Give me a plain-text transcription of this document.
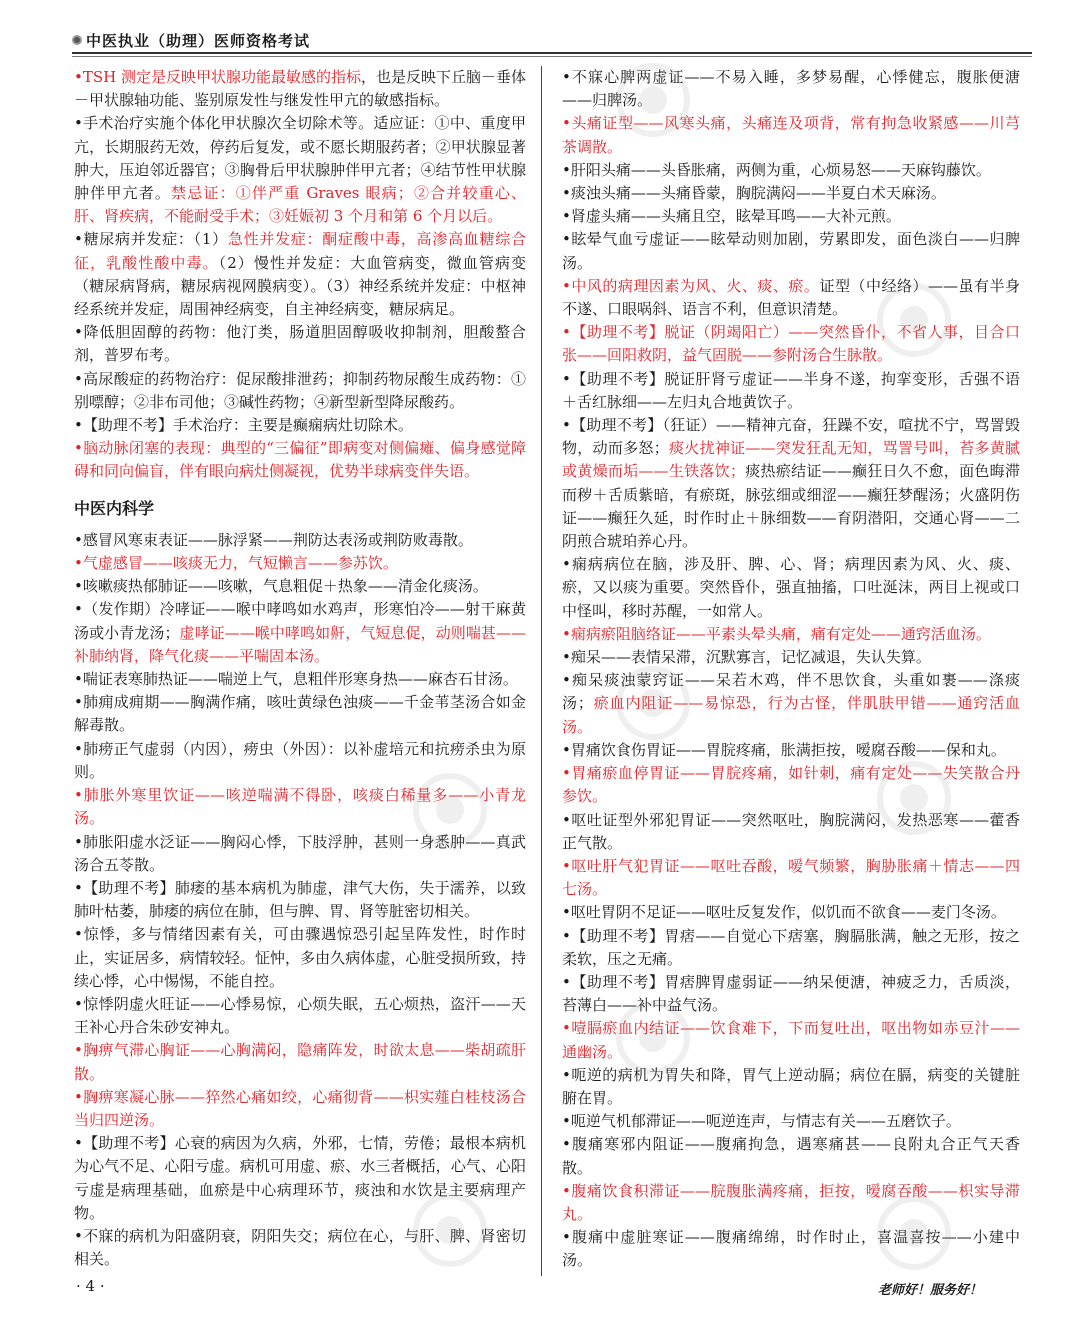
中医执业（助理）医师资格考试

•TSH 测定是反映甲状腺功能最敏感的指标，也是反映下丘脑－垂体－甲状腺轴功能、鉴别原发性与继发性甲亢的敏感指标。

•手术治疗实施个体化甲状腺次全切除术等。适应证：①中、重度甲亢，长期服药无效，停药后复发，或不愿长期服药者；②甲状腺显著肿大，压迫邻近器官；③胸骨后甲状腺肿伴甲亢者；④结节性甲状腺肿伴甲亢者。禁忌证：①伴严重 Graves 眼病；②合并较重心、肝、肾疾病，不能耐受手术；③妊娠初 3 个月和第 6 个月以后。

•糖尿病并发症：（1）急性并发症：酮症酸中毒，高渗高血糖综合征，乳酸性酸中毒。（2）慢性并发症：大血管病变，微血管病变（糖尿病肾病，糖尿病视网膜病变）。（3）神经系统并发症：中枢神经系统并发症，周围神经病变，自主神经病变，糖尿病足。

•降低胆固醇的药物：他汀类，肠道胆固醇吸收抑制剂，胆酸螯合剂，普罗布考。

•高尿酸症的药物治疗：促尿酸排泄药；抑制药物尿酸生成药物：①别嘌醇；②非布司他；③碱性药物；④新型新型降尿酸药。

•【助理不考】手术治疗：主要是癫痫病灶切除术。

•脑动脉闭塞的表现：典型的“三偏征”即病变对侧偏瘫、偏身感觉障碍和同向偏盲，伴有眼向病灶侧凝视，优势半球病变伴失语。

中医内科学

•感冒风寒束表证——脉浮紧——荆防达表汤或荆防败毒散。

•气虚感冒——咳痰无力，气短懒言——参苏饮。

•咳嗽痰热郁肺证——咳嗽，气息粗促＋热象——清金化痰汤。

•（发作期）冷哮证——喉中哮鸣如水鸡声，形寒怕冷——射干麻黄汤或小青龙汤；虚哮证——喉中哮鸣如鼾，气短息促，动则喘甚——补肺纳肾，降气化痰——平喘固本汤。

•喘证表寒肺热证——喘逆上气，息粗伴形寒身热——麻杏石甘汤。

•肺痈成痈期——胸满作痛，咳吐黄绿色浊痰——千金苇茎汤合如金解毒散。

•肺痨正气虚弱（内因），痨虫（外因）：以补虚培元和抗痨杀虫为原则。

•肺胀外寒里饮证——咳逆喘满不得卧，咳痰白稀量多——小青龙汤。

•肺胀阳虚水泛证——胸闷心悸，下肢浮肿，甚则一身悉肿——真武汤合五苓散。

•【助理不考】肺痿的基本病机为肺虚，津气大伤，失于濡养，以致肺叶枯萎，肺痿的病位在肺，但与脾、胃、肾等脏密切相关。

•惊悸，多与情绪因素有关，可由骤遇惊恐引起呈阵发性，时作时止，实证居多，病情较轻。怔忡，多由久病体虚，心脏受损所致，持续心悸，心中惕惕，不能自控。

•惊悸阴虚火旺证——心悸易惊，心烦失眠，五心烦热，盗汗——天王补心丹合朱砂安神丸。

•胸痹气滞心胸证——心胸满闷，隐痛阵发，时欲太息——柴胡疏肝散。

•胸痹寒凝心脉——猝然心痛如绞，心痛彻背——枳实薤白桂枝汤合当归四逆汤。

•【助理不考】心衰的病因为久病，外邪，七情，劳倦；最根本病机为心气不足、心阳亏虚。病机可用虚、瘀、水三者概括，心气、心阳亏虚是病理基础，血瘀是中心病理环节，痰浊和水饮是主要病理产物。

•不寐的病机为阳盛阴衰，阴阳失交；病位在心，与肝、脾、肾密切相关。

•不寐心脾两虚证——不易入睡，多梦易醒，心悸健忘，腹胀便溏——归脾汤。

•头痛证型——风寒头痛，头痛连及项背，常有拘急收紧感——川芎茶调散。

•肝阳头痛——头昏胀痛，两侧为重，心烦易怒——天麻钩藤饮。

•痰浊头痛——头痛昏蒙，胸脘满闷——半夏白术天麻汤。

•肾虚头痛——头痛且空，眩晕耳鸣——大补元煎。

•眩晕气血亏虚证——眩晕动则加剧，劳累即发，面色淡白——归脾汤。

•中风的病理因素为风、火、痰、瘀。证型（中经络）——虽有半身不遂、口眼㖞斜、语言不利，但意识清楚。

•【助理不考】脱证（阴竭阳亡）——突然昏仆，不省人事，目合口张——回阳救阴，益气固脱——参附汤合生脉散。

•【助理不考】脱证肝肾亏虚证——半身不遂，拘挛变形，舌强不语＋舌红脉细——左归丸合地黄饮子。

•【助理不考】（狂证）——精神亢奋，狂躁不安，喧扰不宁，骂詈毁物，动而多怒；痰火扰神证——突发狂乱无知，骂詈号叫，苔多黄腻或黄燥而垢——生铁落饮；痰热瘀结证——癫狂日久不愈，面色晦滞而秽＋舌质紫暗，有瘀斑，脉弦细或细涩——癫狂梦醒汤；火盛阴伤证——癫狂久延，时作时止＋脉细数——育阴潜阳，交通心肾——二阴煎合琥珀养心丹。

•痫病病位在脑，涉及肝、脾、心、肾；病理因素为风、火、痰、瘀，又以痰为重要。突然昏仆，强直抽搐，口吐涎沫，两目上视或口中怪叫，移时苏醒，一如常人。

•痫病瘀阻脑络证——平素头晕头痛，痛有定处——通窍活血汤。

•痴呆——表情呆滞，沉默寡言，记忆减退，失认失算。

•痴呆痰浊蒙窍证——呆若木鸡，伴不思饮食，头重如裹——涤痰汤；瘀血内阻证——易惊恐，行为古怪，伴肌肤甲错——通窍活血汤。

•胃痛饮食伤胃证——胃脘疼痛，胀满拒按，嗳腐吞酸——保和丸。

•胃痛瘀血停胃证——胃脘疼痛，如针刺，痛有定处——失笑散合丹参饮。

•呕吐证型外邪犯胃证——突然呕吐，胸脘满闷，发热恶寒——藿香正气散。

•呕吐肝气犯胃证——呕吐吞酸，嗳气频繁，胸胁胀痛＋情志——四七汤。

•呕吐胃阴不足证——呕吐反复发作，似饥而不欲食——麦门冬汤。

•【助理不考】胃痞——自觉心下痞塞，胸膈胀满，触之无形，按之柔软，压之无痛。

•【助理不考】胃痞脾胃虚弱证——纳呆便溏，神疲乏力，舌质淡，苔薄白——补中益气汤。

•噎膈瘀血内结证——饮食难下，下而复吐出，呕出物如赤豆汁——通幽汤。

•呃逆的病机为胃失和降，胃气上逆动膈；病位在膈，病变的关键脏腑在胃。

•呃逆气机郁滞证——呃逆连声，与情志有关——五磨饮子。

•腹痛寒邪内阻证——腹痛拘急，遇寒痛甚——良附丸合正气天香散。

•腹痛饮食积滞证——脘腹胀满疼痛，拒按，嗳腐吞酸——枳实导滞丸。

•腹痛中虚脏寒证——腹痛绵绵，时作时止，喜温喜按——小建中汤。

· 4 ·	老师好！服务好！
